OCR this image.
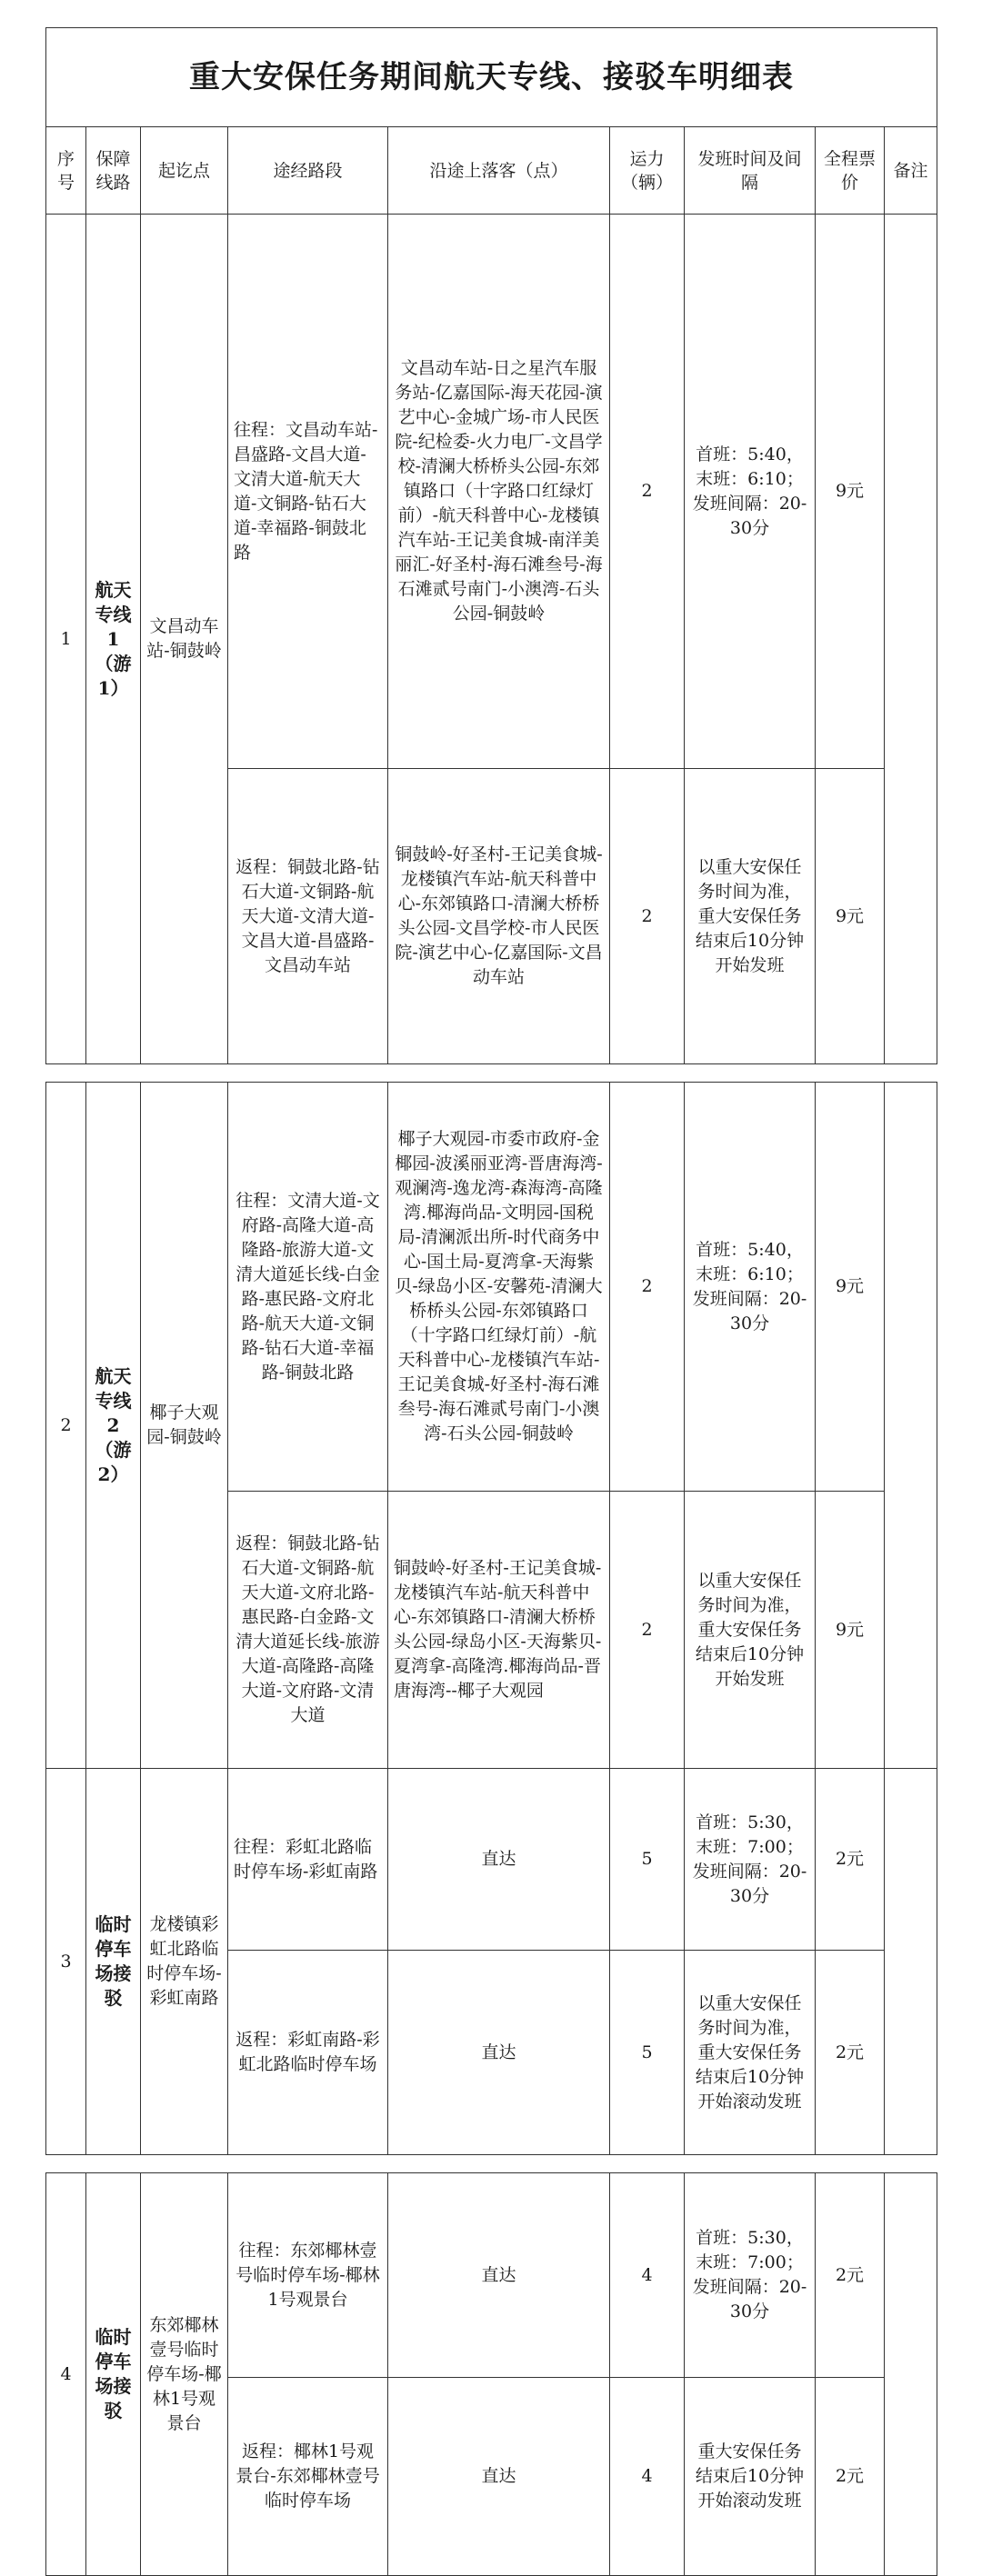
重大安保任务期间航天专线、接驳车明细表								
序号	保障线路	起讫点	途经路段	沿途上落客（点）	运力（辆）	发班时间及间隔	全程票价	备注
1	航天专线1（游1）	文昌动车站-铜鼓岭	往程：文昌动车站-昌盛路-文昌大道-文清大道-航天大道-文铜路-钻石大道-幸福路-铜鼓北路	文昌动车站-日之星汽车服务站-亿嘉国际-海天花园-演艺中心-金城广场-市人民医院-纪检委-火力电厂-文昌学校-清澜大桥桥头公园-东郊镇路口（十字路口红绿灯前）-航天科普中心-龙楼镇汽车站-王记美食城-南洋美丽汇-好圣村-海石滩叁号-海石滩贰号南门-小澳湾-石头公园-铜鼓岭	2	首班：5:40，末班：6:10；发班间隔：20-30分	9元	
			返程：铜鼓北路-钻石大道-文铜路-航天大道-文清大道-文昌大道-昌盛路-文昌动车站	铜鼓岭-好圣村-王记美食城-龙楼镇汽车站-航天科普中心-东郊镇路口-清澜大桥桥头公园-文昌学校-市人民医院-演艺中心-亿嘉国际-文昌动车站	2	以重大安保任务时间为准，重大安保任务结束后10分钟开始发班	9元	

2	航天专线2（游2）	椰子大观园-铜鼓岭	往程：文清大道-文府路-高隆大道-高隆路-旅游大道-文清大道延长线-白金路-惠民路-文府北路-航天大道-文铜路-钻石大道-幸福路-铜鼓北路	椰子大观园-市委市政府-金椰园-波溪丽亚湾-晋唐海湾-观澜湾-逸龙湾-森海湾-高隆湾.椰海尚品-文明园-国税局-清澜派出所-时代商务中心-国土局-夏湾拿-天海紫贝-绿岛小区-安馨苑-清澜大桥桥头公园-东郊镇路口（十字路口红绿灯前）-航天科普中心-龙楼镇汽车站-王记美食城-好圣村-海石滩叁号-海石滩贰号南门-小澳湾-石头公园-铜鼓岭	2	首班：5:40，末班：6:10；发班间隔：20-30分	9元	
			返程：铜鼓北路-钻石大道-文铜路-航天大道-文府北路-惠民路-白金路-文清大道延长线-旅游大道-高隆路-高隆大道-文府路-文清大道	铜鼓岭-好圣村-王记美食城-龙楼镇汽车站-航天科普中心-东郊镇路口-清澜大桥桥头公园-绿岛小区-天海紫贝-夏湾拿-高隆湾.椰海尚品-晋唐海湾--椰子大观园	2	以重大安保任务时间为准，重大安保任务结束后10分钟开始发班	9元	
3	临时停车场接驳	龙楼镇彩虹北路临时停车场-彩虹南路	往程：彩虹北路临时停车场-彩虹南路	直达	5	首班：5:30，末班：7:00；发班间隔：20-30分	2元	
			返程：彩虹南路-彩虹北路临时停车场	直达	5	以重大安保任务时间为准，重大安保任务结束后10分钟开始滚动发班	2元	

4	临时停车场接驳	东郊椰林壹号临时停车场-椰林1号观景台	往程：东郊椰林壹号临时停车场-椰林1号观景台	直达	4	首班：5:30，末班：7:00；发班间隔：20-30分	2元	
			返程：椰林1号观景台-东郊椰林壹号临时停车场	直达	4	重大安保任务结束后10分钟开始滚动发班	2元	
